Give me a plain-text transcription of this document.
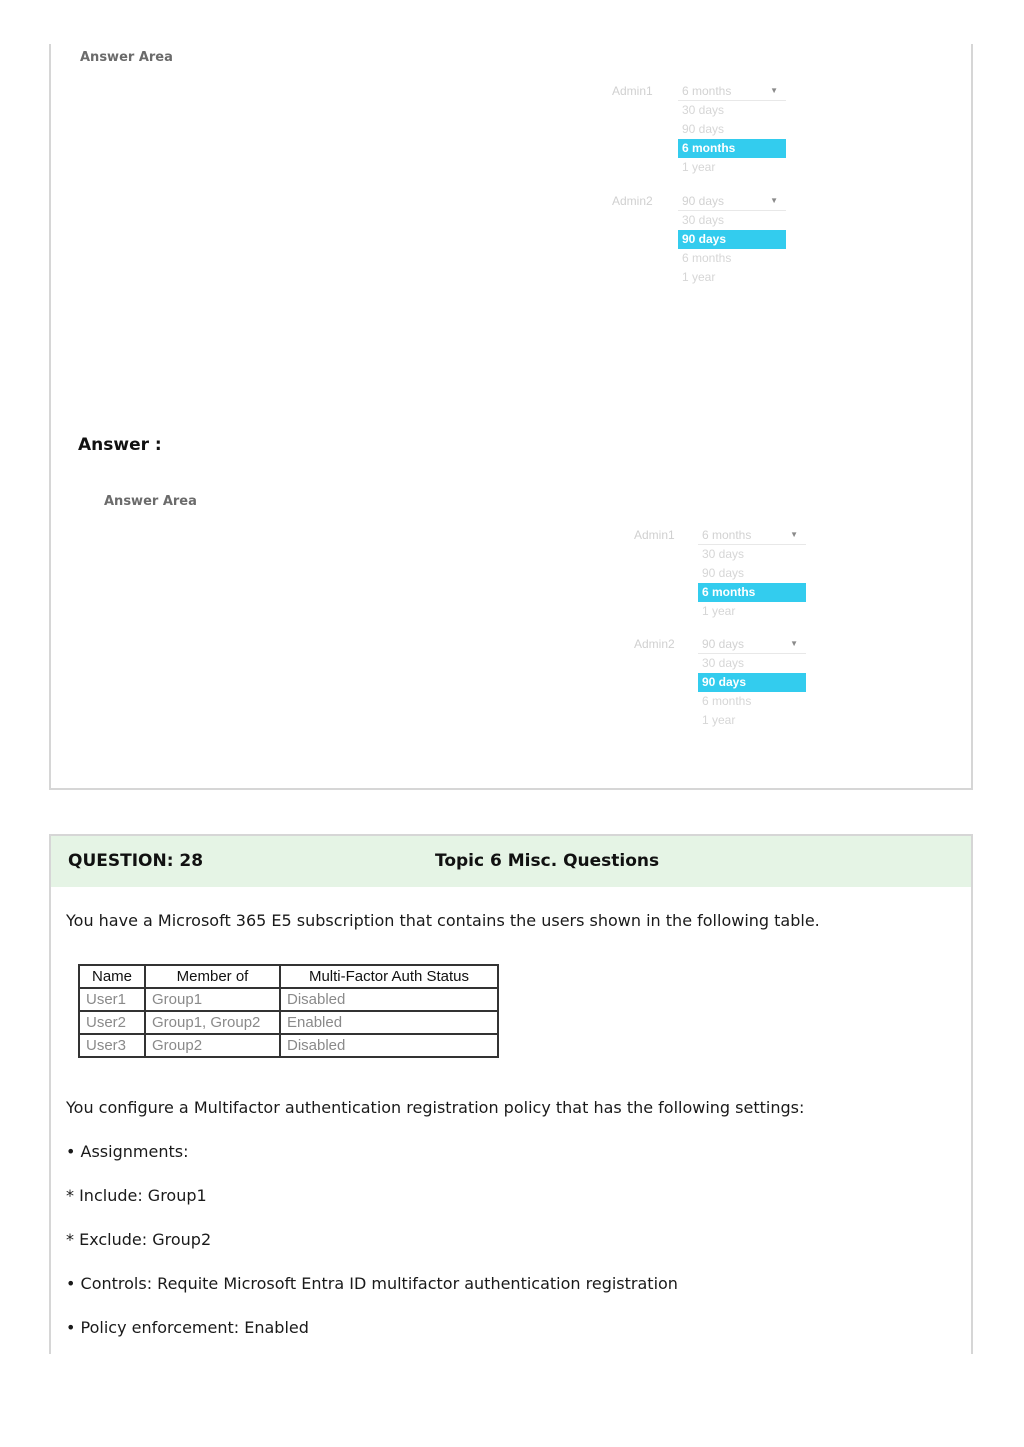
Answer Area
Admin1	6 months	▼
30 days
90 days
6 months
1 year
Admin2	90 days	▼
30 days
90 days
6 months
1 year
Answer :
Answer Area
Admin1	6 months	▼
30 days
90 days
6 months
1 year
Admin2	90 days	▼
30 days
90 days
6 months
1 year
QUESTION: 28	Topic 6 Misc. Questions
You have a Microsoft 365 E5 subscription that contains the users shown in the following table.
Name	Member of	Multi-Factor Auth Status
User1	Group1	Disabled
User2	Group1, Group2	Enabled
User3	Group2	Disabled
You configure a Multifactor authentication registration policy that has the following settings:
• Assignments:
* Include: Group1
* Exclude: Group2
• Controls: Requite Microsoft Entra ID multifactor authentication registration
• Policy enforcement: Enabled
